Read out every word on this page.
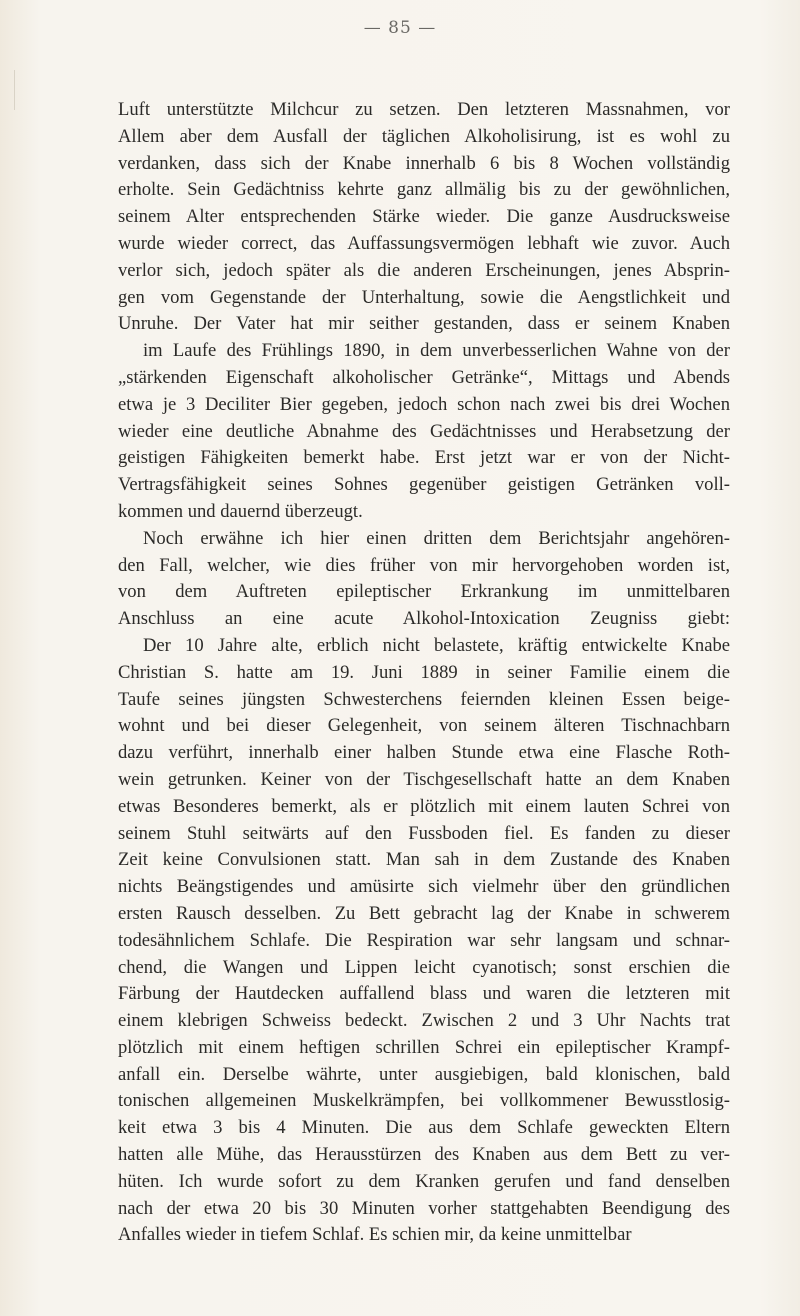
— 85 —
Luft unterstützte Milchcur zu setzen. Den letzteren Massnahmen, vor
Allem aber dem Ausfall der täglichen Alkoholisirung, ist es wohl zu
verdanken, dass sich der Knabe innerhalb 6 bis 8 Wochen vollständig
erholte. Sein Gedächtniss kehrte ganz allmälig bis zu der gewöhnlichen,
seinem Alter entsprechenden Stärke wieder. Die ganze Ausdrucksweise
wurde wieder correct, das Auffassungsvermögen lebhaft wie zuvor. Auch
verlor sich, jedoch später als die anderen Erscheinungen, jenes Absprin-
gen vom Gegenstande der Unterhaltung, sowie die Aengstlichkeit und
Unruhe. Der Vater hat mir seither gestanden, dass er seinem Knaben
im Laufe des Frühlings 1890, in dem unverbesserlichen Wahne von der
„stärkenden Eigenschaft alkoholischer Getränke“, Mittags und Abends
etwa je 3 Deciliter Bier gegeben, jedoch schon nach zwei bis drei Wochen
wieder eine deutliche Abnahme des Gedächtnisses und Herabsetzung der
geistigen Fähigkeiten bemerkt habe. Erst jetzt war er von der Nicht-
Vertragsfähigkeit seines Sohnes gegenüber geistigen Getränken voll-
kommen und dauernd überzeugt.
Noch erwähne ich hier einen dritten dem Berichtsjahr angehören-
den Fall, welcher, wie dies früher von mir hervorgehoben worden ist,
von dem Auftreten epileptischer Erkrankung im unmittelbaren
Anschluss an eine acute Alkohol-Intoxication Zeugniss giebt:
Der 10 Jahre alte, erblich nicht belastete, kräftig entwickelte Knabe
Christian S. hatte am 19. Juni 1889 in seiner Familie einem die
Taufe seines jüngsten Schwesterchens feiernden kleinen Essen beige-
wohnt und bei dieser Gelegenheit, von seinem älteren Tischnachbarn
dazu verführt, innerhalb einer halben Stunde etwa eine Flasche Roth-
wein getrunken. Keiner von der Tischgesellschaft hatte an dem Knaben
etwas Besonderes bemerkt, als er plötzlich mit einem lauten Schrei von
seinem Stuhl seitwärts auf den Fussboden fiel. Es fanden zu dieser
Zeit keine Convulsionen statt. Man sah in dem Zustande des Knaben
nichts Beängstigendes und amüsirte sich vielmehr über den gründlichen
ersten Rausch desselben. Zu Bett gebracht lag der Knabe in schwerem
todesähnlichem Schlafe. Die Respiration war sehr langsam und schnar-
chend, die Wangen und Lippen leicht cyanotisch; sonst erschien die
Färbung der Hautdecken auffallend blass und waren die letzteren mit
einem klebrigen Schweiss bedeckt. Zwischen 2 und 3 Uhr Nachts trat
plötzlich mit einem heftigen schrillen Schrei ein epileptischer Krampf-
anfall ein. Derselbe währte, unter ausgiebigen, bald klonischen, bald
tonischen allgemeinen Muskelkrämpfen, bei vollkommener Bewusstlosig-
keit etwa 3 bis 4 Minuten. Die aus dem Schlafe geweckten Eltern
hatten alle Mühe, das Herausstürzen des Knaben aus dem Bett zu ver-
hüten. Ich wurde sofort zu dem Kranken gerufen und fand denselben
nach der etwa 20 bis 30 Minuten vorher stattgehabten Beendigung des
Anfalles wieder in tiefem Schlaf. Es schien mir, da keine unmittelbar
